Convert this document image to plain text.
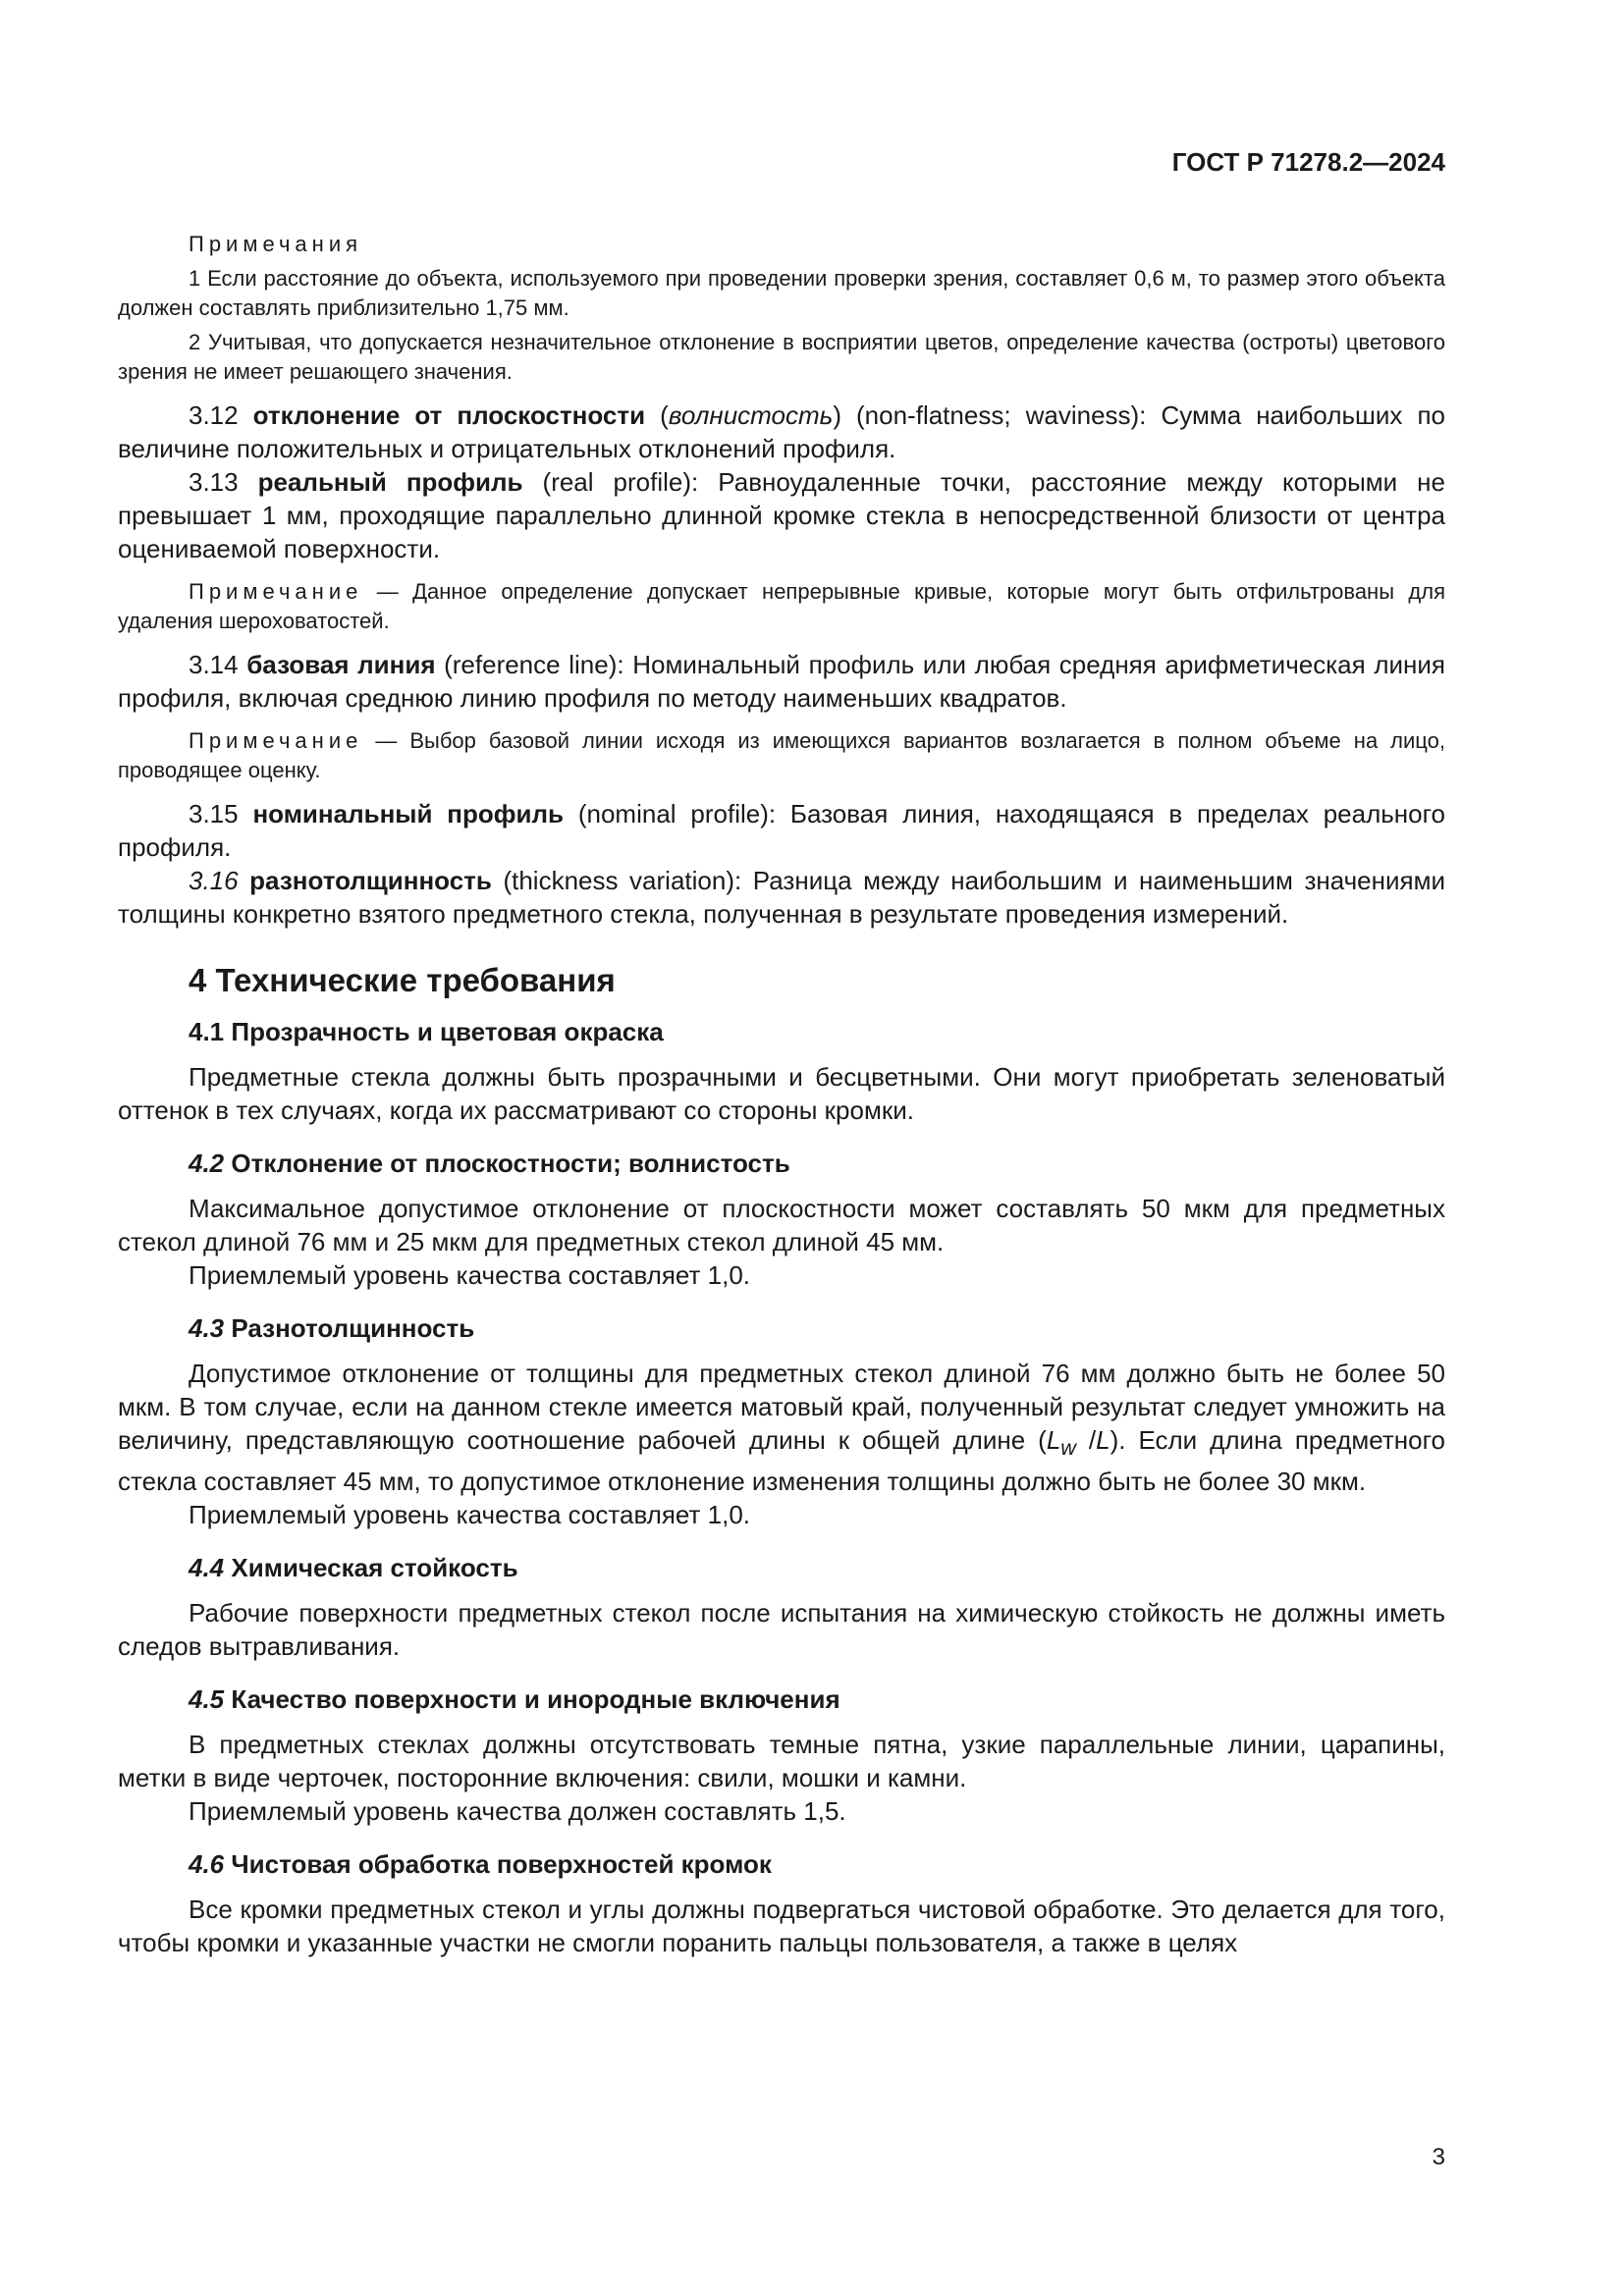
ГОСТ Р 71278.2—2024

Примечания

1 Если расстояние до объекта, используемого при проведении проверки зрения, составляет 0,6 м, то размер этого объекта должен составлять приблизительно 1,75 мм.

2 Учитывая, что допускается незначительное отклонение в восприятии цветов, определение качества (остроты) цветового зрения не имеет решающего значения.

3.12 отклонение от плоскостности (волнистость) (non-flatness; waviness): Сумма наибольших по величине положительных и отрицательных отклонений профиля.

3.13 реальный профиль (real profile): Равноудаленные точки, расстояние между которыми не превышает 1 мм, проходящие параллельно длинной кромке стекла в непосредственной близости от центра оцениваемой поверхности.

Примечание — Данное определение допускает непрерывные кривые, которые могут быть отфильтрованы для удаления шероховатостей.

3.14 базовая линия (reference line): Номинальный профиль или любая средняя арифметическая линия профиля, включая среднюю линию профиля по методу наименьших квадратов.

Примечание — Выбор базовой линии исходя из имеющихся вариантов возлагается в полном объеме на лицо, проводящее оценку.

3.15 номинальный профиль (nominal profile): Базовая линия, находящаяся в пределах реального профиля.

3.16 разнотолщинность (thickness variation): Разница между наибольшим и наименьшим значениями толщины конкретно взятого предметного стекла, полученная в результате проведения измерений.

4 Технические требования
4.1 Прозрачность и цветовая окраска

Предметные стекла должны быть прозрачными и бесцветными. Они могут приобретать зеленоватый оттенок в тех случаях, когда их рассматривают со стороны кромки.

4.2 Отклонение от плоскостности; волнистость

Максимальное допустимое отклонение от плоскостности может составлять 50 мкм для предметных стекол длиной 76 мм и 25 мкм для предметных стекол длиной 45 мм.

Приемлемый уровень качества составляет 1,0.

4.3 Разнотолщинность

Допустимое отклонение от толщины для предметных стекол длиной 76 мм должно быть не более 50 мкм. В том случае, если на данном стекле имеется матовый край, полученный результат следует умножить на величину, представляющую соотношение рабочей длины к общей длине ($L_w$ /L). Если длина предметного стекла составляет 45 мм, то допустимое отклонение изменения толщины должно быть не более 30 мкм.

Приемлемый уровень качества составляет 1,0.

4.4 Химическая стойкость

Рабочие поверхности предметных стекол после испытания на химическую стойкость не должны иметь следов вытравливания.

4.5 Качество поверхности и инородные включения

В предметных стеклах должны отсутствовать темные пятна, узкие параллельные линии, царапины, метки в виде черточек, посторонние включения: свили, мошки и камни.

Приемлемый уровень качества должен составлять 1,5.

4.6 Чистовая обработка поверхностей кромок

Все кромки предметных стекол и углы должны подвергаться чистовой обработке. Это делается для того, чтобы кромки и указанные участки не смогли поранить пальцы пользователя, а также в целях

3
